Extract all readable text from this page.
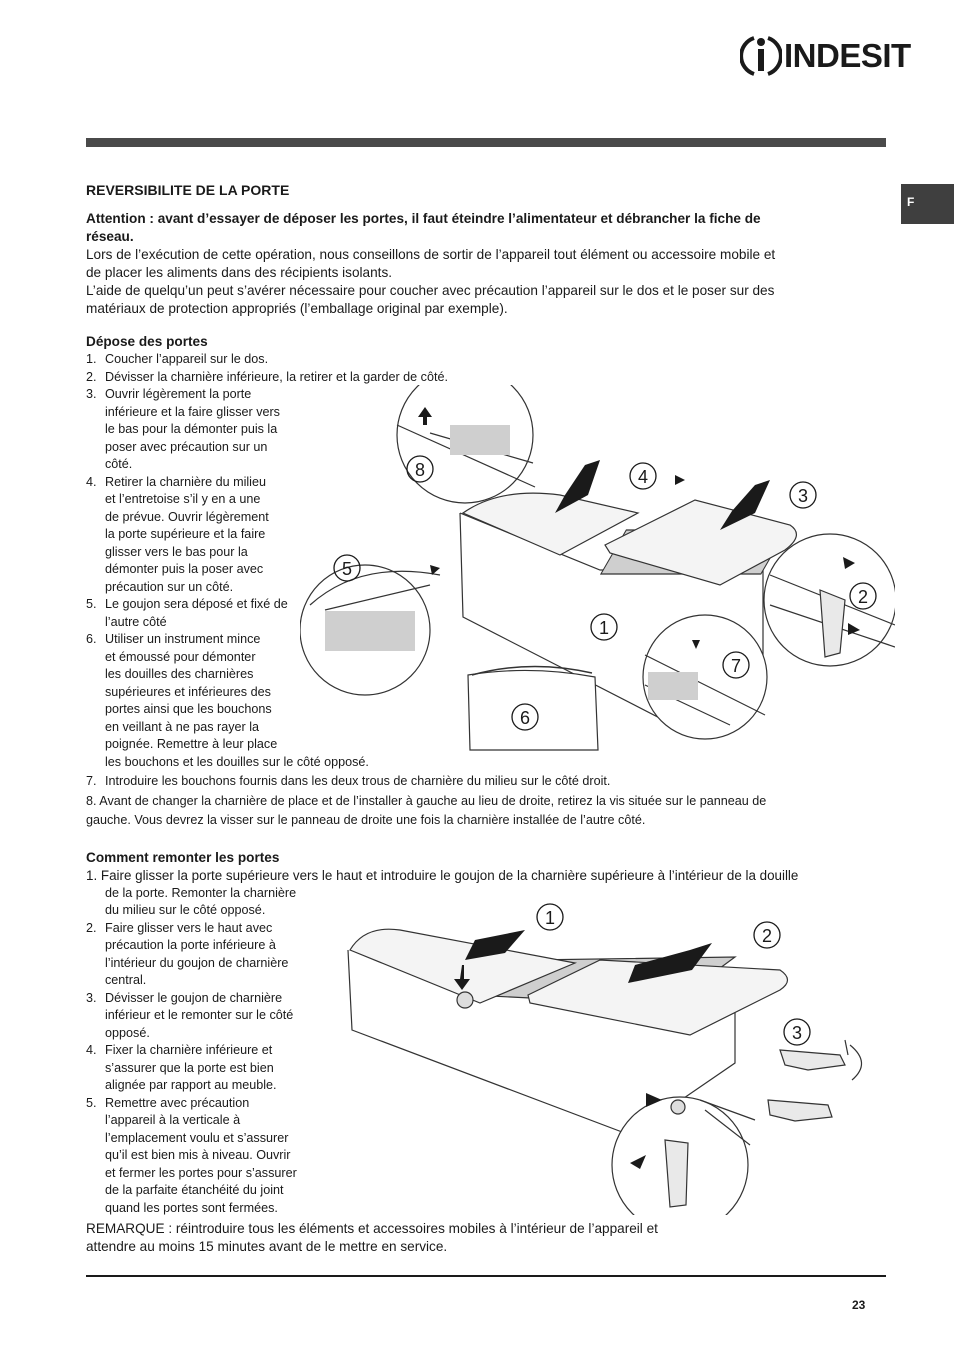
INDESIT
F
REVERSIBILITE DE LA PORTE
Attention : avant d’essayer de déposer les portes, il faut éteindre l’alimentateur et débrancher la fiche de
réseau.
Lors de l’exécution de cette opération, nous conseillons de sortir de l’appareil tout élément ou accessoire mobile et
de placer les aliments dans des récipients isolants.
L’aide de quelqu’un peut s’avérer nécessaire pour coucher avec précaution l’appareil sur le dos et le poser sur des
matériaux de protection appropriés (l’emballage original par exemple).
Dépose des portes
1. Coucher l’appareil sur le dos.
2. Dévisser la charnière inférieure, la retirer et la garder de côté.
3. Ouvrir légèrement la porte
inférieure et la faire glisser vers
le bas pour la démonter puis la
poser avec précaution sur un
côté.
4. Retirer la charnière du milieu
et l’entretoise s’il y en a une
de prévue. Ouvrir légèrement
la porte supérieure et la faire
glisser vers le bas pour la
démonter puis la poser avec
précaution sur un côté.
5. Le goujon sera déposé et fixé de
l’autre côté
6. Utiliser un instrument mince
et émoussé pour démonter
les douilles des charnières
supérieures et inférieures des
portes ainsi que les bouchons
en veillant à ne pas rayer la
poignée. Remettre à leur place
les bouchons et les douilles sur le côté opposé.
7. Introduire les bouchons fournis dans les deux trous de charnière du milieu sur le côté droit.
8. Avant de changer la charnière de place et de l’installer à gauche au lieu de droite, retirez la vis située sur le panneau de
gauche. Vous devrez la visser sur le panneau de droite une fois la charnière installée de l’autre côté.
8	4
3
5
2
1
7
6
Comment remonter les portes
1. Faire glisser la porte supérieure vers le haut et introduire le goujon de la charnière supérieure à l’intérieur de la douille
de la porte. Remonter la charnière
du milieu sur le côté opposé.
2. Faire glisser vers le haut avec
précaution la porte inférieure à
l’intérieur du goujon de charnière
central.
3. Dévisser le goujon de charnière
inférieur et le remonter sur le côté
opposé.
4. Fixer la charnière inférieure et
s’assurer que la porte est bien
alignée par rapport au meuble.
5. Remettre avec précaution
l’appareil à la verticale à
l’emplacement voulu et s’assurer
qu’il est bien mis à niveau. Ouvrir
et fermer les portes pour s’assurer
de la parfaite étanchéité du joint
quand les portes sont fermées.
1
2
3
REMARQUE : réintroduire tous les éléments et accessoires mobiles à l’intérieur de l’appareil et
attendre au moins 15 minutes avant de le mettre en service.
23
